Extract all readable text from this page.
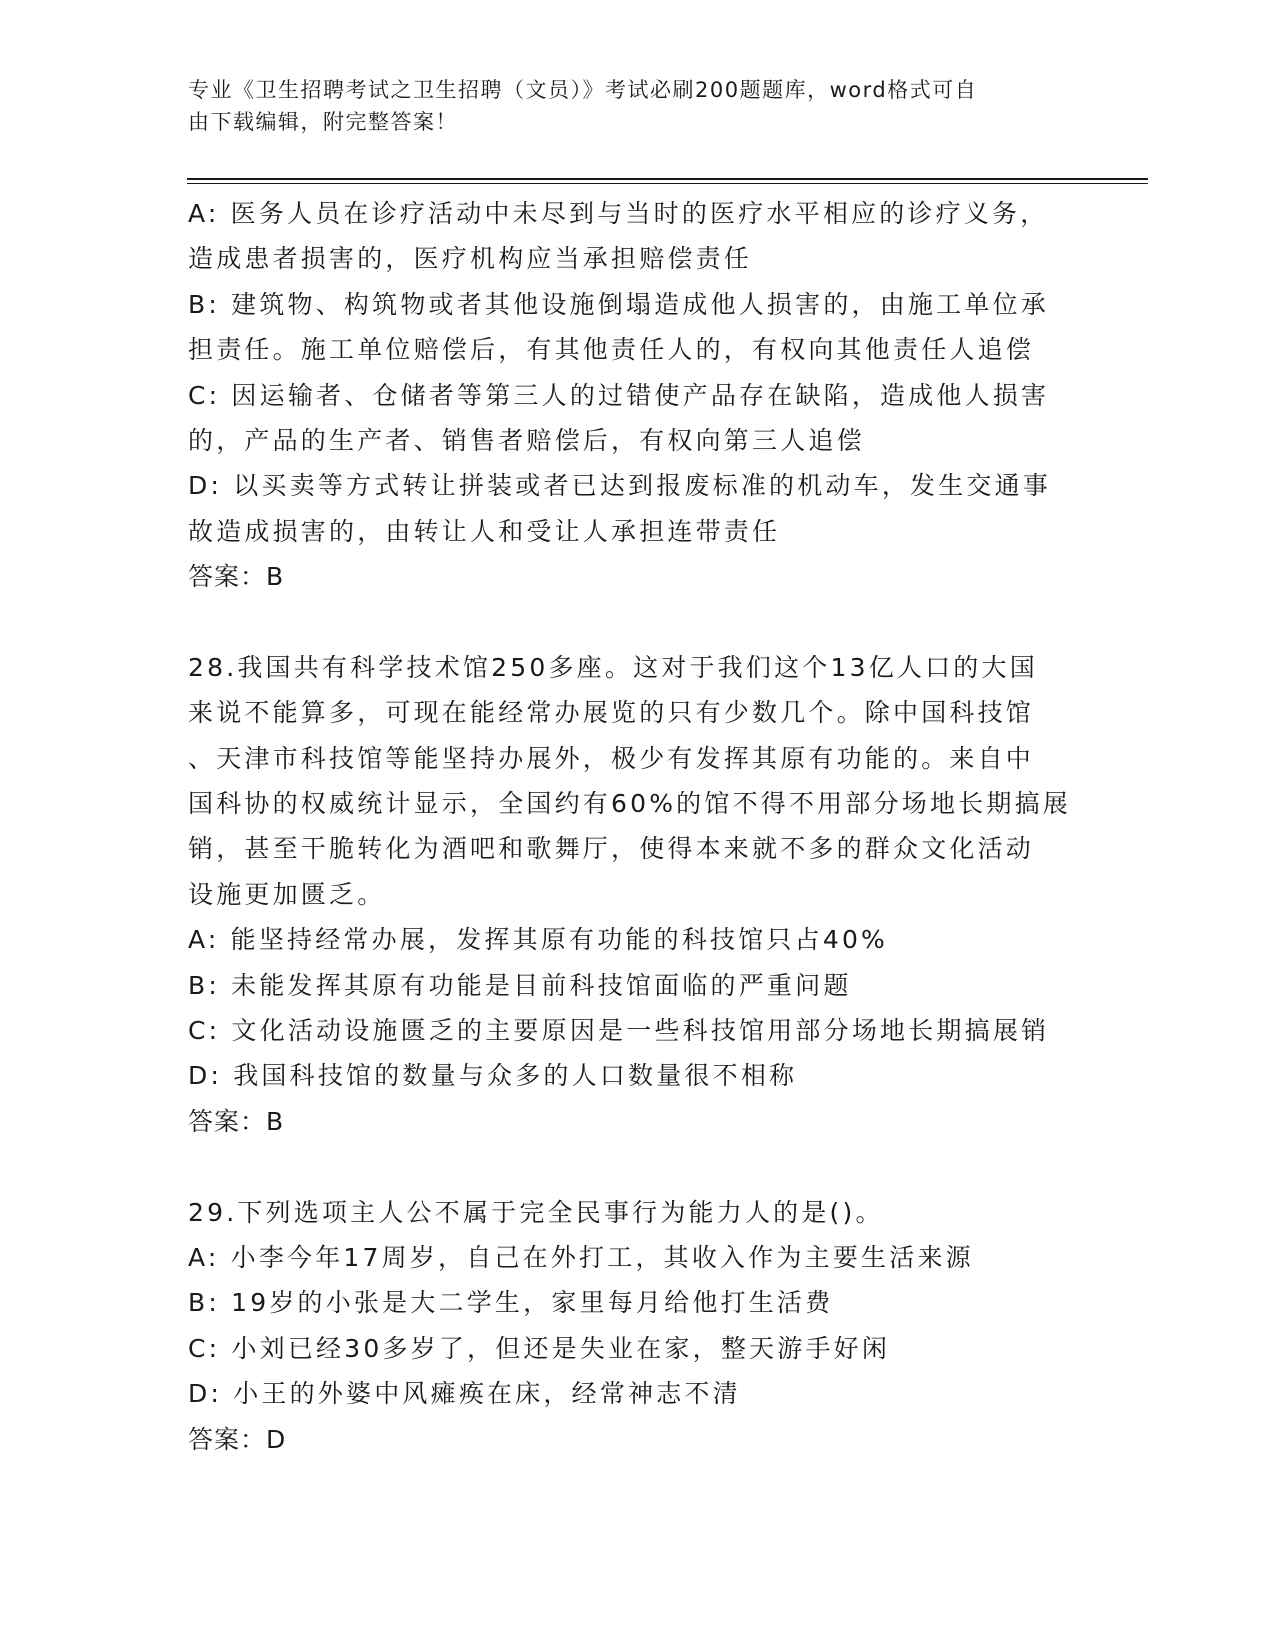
专业《卫生招聘考试之卫生招聘（文员）》考试必刷200题题库，word格式可自
由下载编辑，附完整答案！
A: 医务人员在诊疗活动中未尽到与当时的医疗水平相应的诊疗义务，
造成患者损害的，医疗机构应当承担赔偿责任
B: 建筑物、构筑物或者其他设施倒塌造成他人损害的，由施工单位承
担责任。施工单位赔偿后，有其他责任人的，有权向其他责任人追偿
C: 因运输者、仓储者等第三人的过错使产品存在缺陷，造成他人损害
的，产品的生产者、销售者赔偿后，有权向第三人追偿
D: 以买卖等方式转让拼装或者已达到报废标准的机动车，发生交通事
故造成损害的，由转让人和受让人承担连带责任
答案：B
28.我国共有科学技术馆250多座。这对于我们这个13亿人口的大国
来说不能算多，可现在能经常办展览的只有少数几个。除中国科技馆
、天津市科技馆等能坚持办展外，极少有发挥其原有功能的。来自中
国科协的权威统计显示，全国约有60%的馆不得不用部分场地长期搞展
销，甚至干脆转化为酒吧和歌舞厅，使得本来就不多的群众文化活动
设施更加匮乏。
A: 能坚持经常办展，发挥其原有功能的科技馆只占40%
B: 未能发挥其原有功能是目前科技馆面临的严重问题
C: 文化活动设施匮乏的主要原因是一些科技馆用部分场地长期搞展销
D: 我国科技馆的数量与众多的人口数量很不相称
答案：B
29.下列选项主人公不属于完全民事行为能力人的是()。
A: 小李今年17周岁，自己在外打工，其收入作为主要生活来源
B: 19岁的小张是大二学生，家里每月给他打生活费
C: 小刘已经30多岁了，但还是失业在家，整天游手好闲
D: 小王的外婆中风瘫痪在床，经常神志不清
答案：D
